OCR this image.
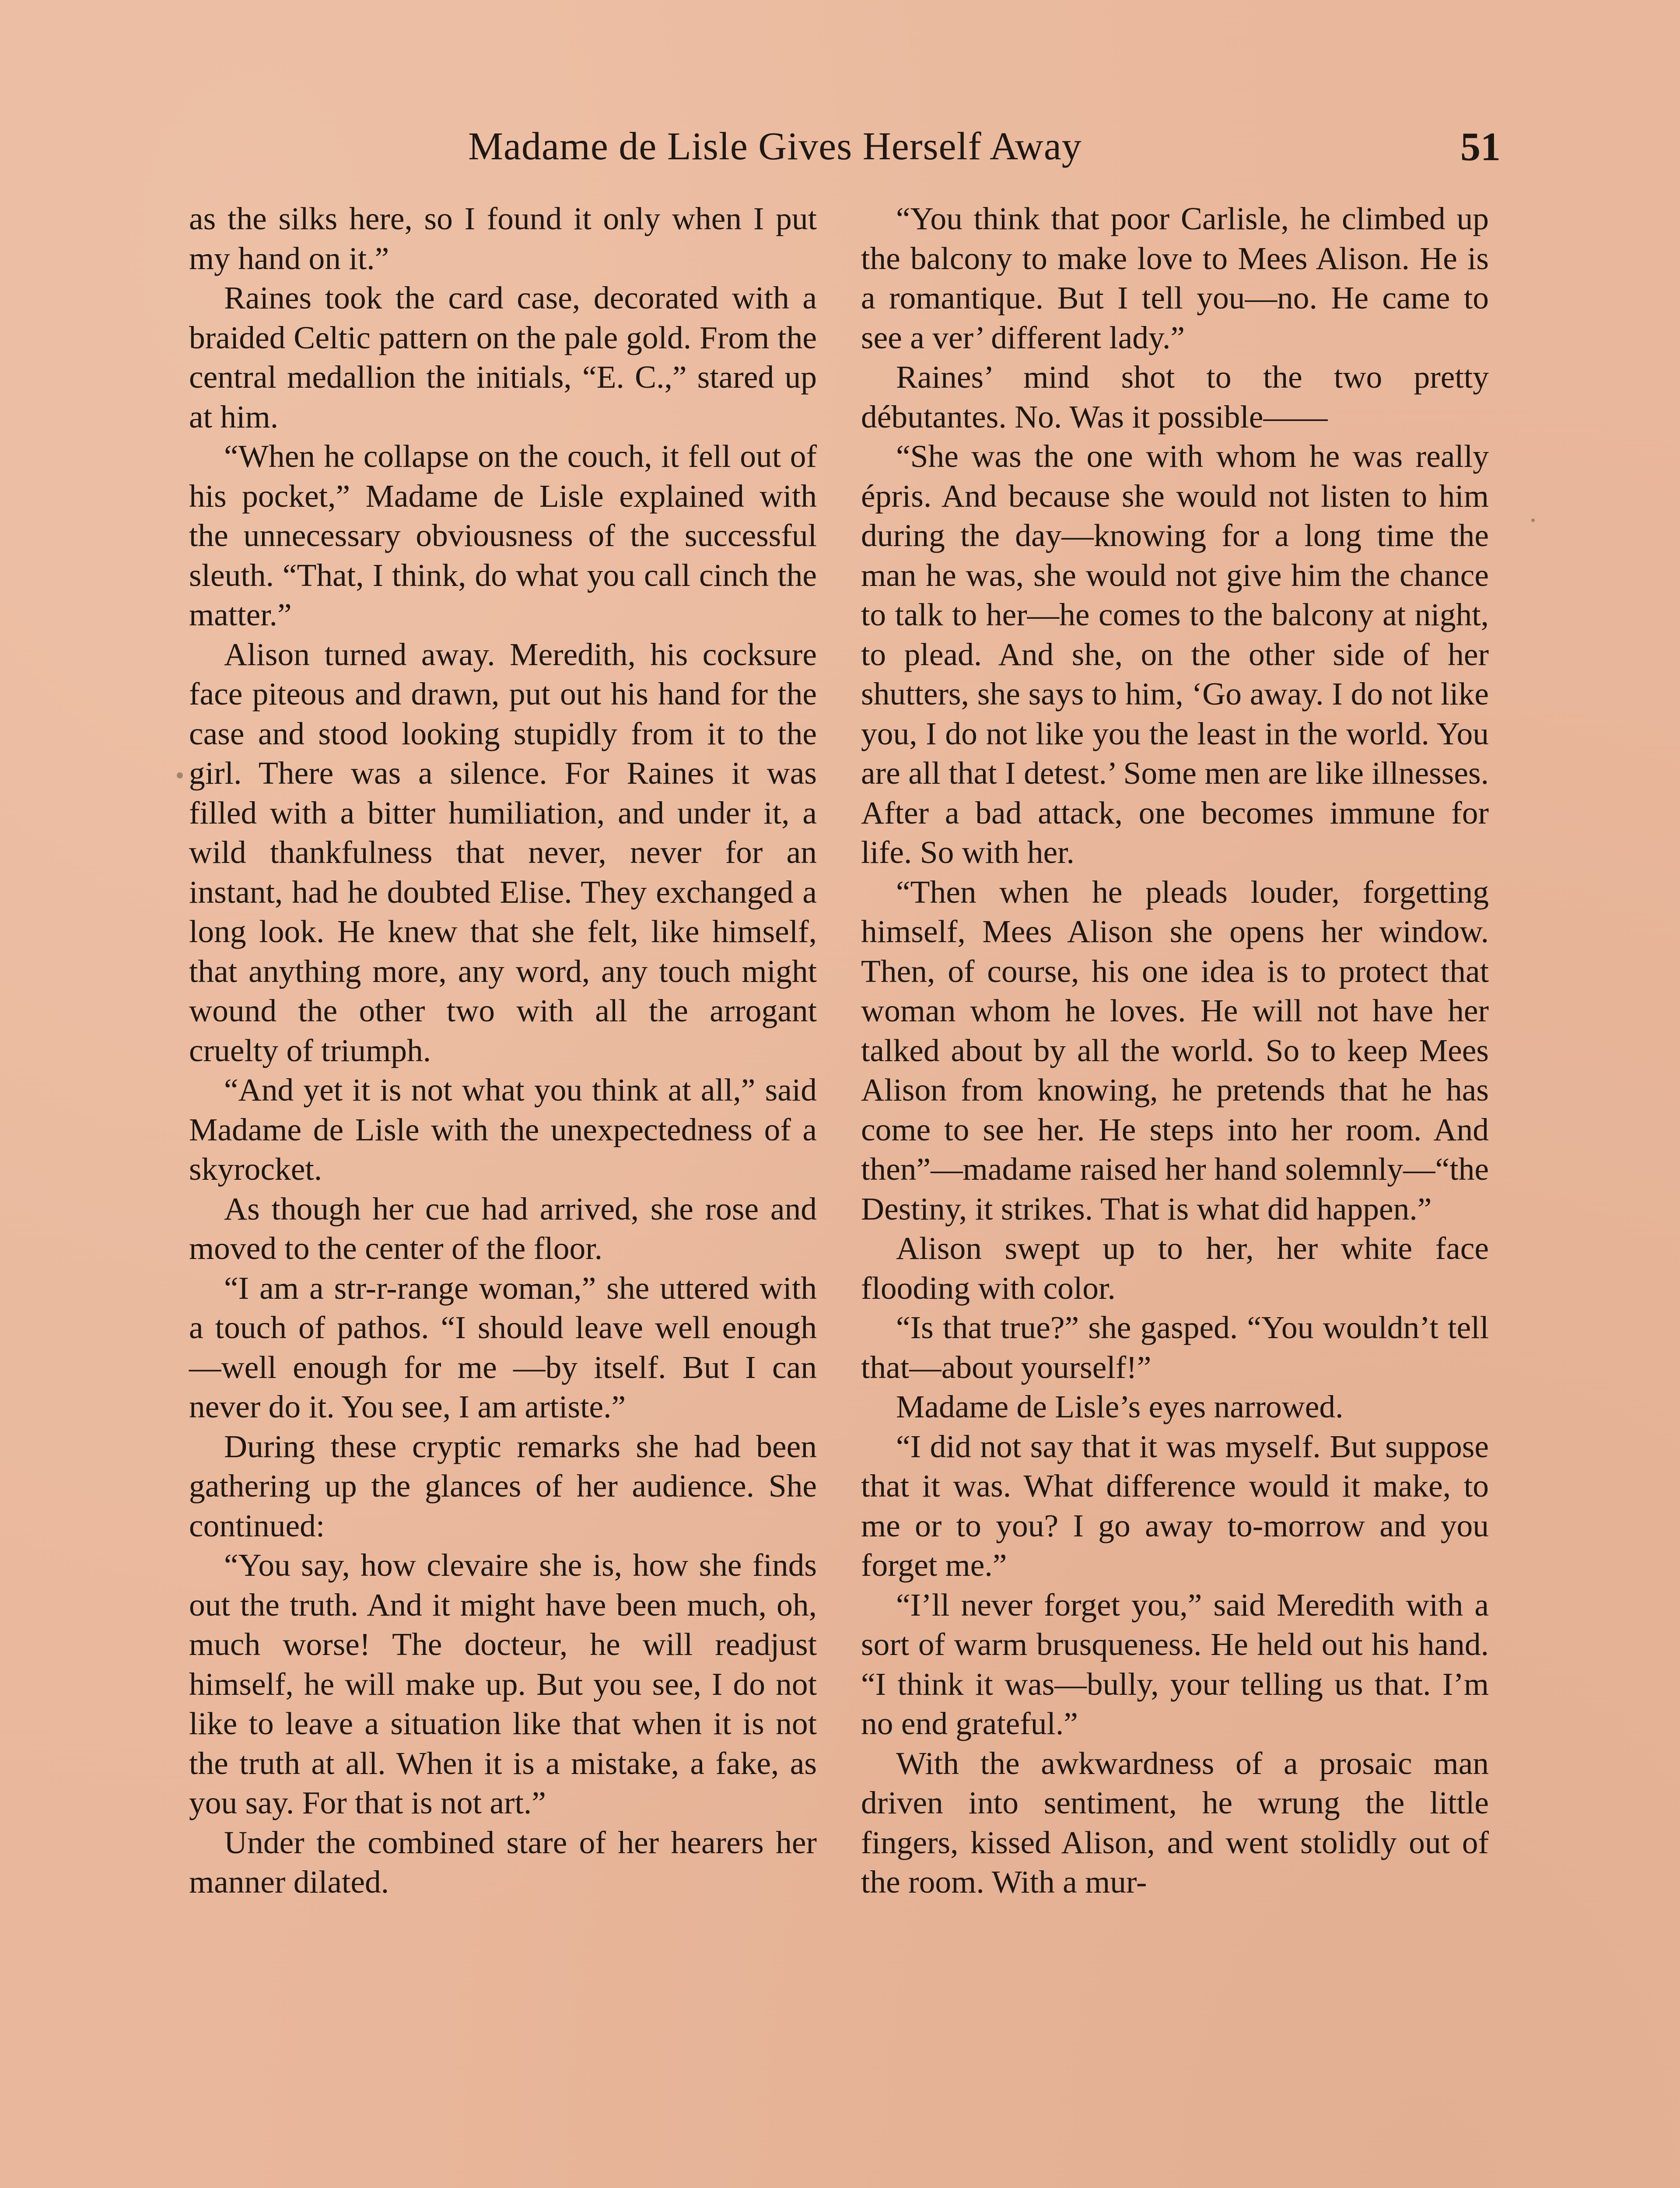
Madame de Lisle Gives Herself Away	51

as the silks here, so I found it only when I put my hand on it.”

Raines took the card case, decorated with a braided Celtic pattern on the pale gold. From the central medallion the initials, “E. C.,” stared up at him.

“When he collapse on the couch, it fell out of his pocket,” Madame de Lisle explained with the unnecessary obviousness of the successful sleuth. “That, I think, do what you call cinch the matter.”

Alison turned away. Meredith, his cocksure face piteous and drawn, put out his hand for the case and stood looking stupidly from it to the girl. There was a silence. For Raines it was filled with a bitter humiliation, and under it, a wild thankfulness that never, never for an instant, had he doubted Elise. They exchanged a long look. He knew that she felt, like himself, that anything more, any word, any touch might wound the other two with all the arrogant cruelty of triumph.

“And yet it is not what you think at all,” said Madame de Lisle with the unexpectedness of a skyrocket.

As though her cue had arrived, she rose and moved to the center of the floor.

“I am a str-r-range woman,” she uttered with a touch of pathos. “I should leave well enough—well enough for me —by itself. But I can never do it. You see, I am artiste.”

During these cryptic remarks she had been gathering up the glances of her audience. She continued:

“You say, how clevaire she is, how she finds out the truth. And it might have been much, oh, much worse! The docteur, he will readjust himself, he will make up. But you see, I do not like to leave a situation like that when it is not the truth at all. When it is a mistake, a fake, as you say. For that is not art.”

Under the combined stare of her hearers her manner dilated.

“You think that poor Carlisle, he climbed up the balcony to make love to Mees Alison. He is a romantique. But I tell you—no. He came to see a ver’ different lady.”

Raines’ mind shot to the two pretty débutantes. No. Was it possible——

“She was the one with whom he was really épris. And because she would not listen to him during the day—knowing for a long time the man he was, she would not give him the chance to talk to her—he comes to the balcony at night, to plead. And she, on the other side of her shutters, she says to him, ‘Go away. I do not like you, I do not like you the least in the world. You are all that I detest.’ Some men are like illnesses. After a bad attack, one becomes immune for life. So with her.

“Then when he pleads louder, forgetting himself, Mees Alison she opens her window. Then, of course, his one idea is to protect that woman whom he loves. He will not have her talked about by all the world. So to keep Mees Alison from knowing, he pretends that he has come to see her. He steps into her room. And then”—madame raised her hand solemnly—“the Destiny, it strikes. That is what did happen.”

Alison swept up to her, her white face flooding with color.

“Is that true?” she gasped. “You wouldn’t tell that—about yourself!”

Madame de Lisle’s eyes narrowed.

“I did not say that it was myself. But suppose that it was. What difference would it make, to me or to you? I go away to-morrow and you forget me.”

“I’ll never forget you,” said Meredith with a sort of warm brusqueness. He held out his hand. “I think it was—bully, your telling us that. I’m no end grateful.”

With the awkwardness of a prosaic man driven into sentiment, he wrung the little fingers, kissed Alison, and went stolidly out of the room. With a mur-
